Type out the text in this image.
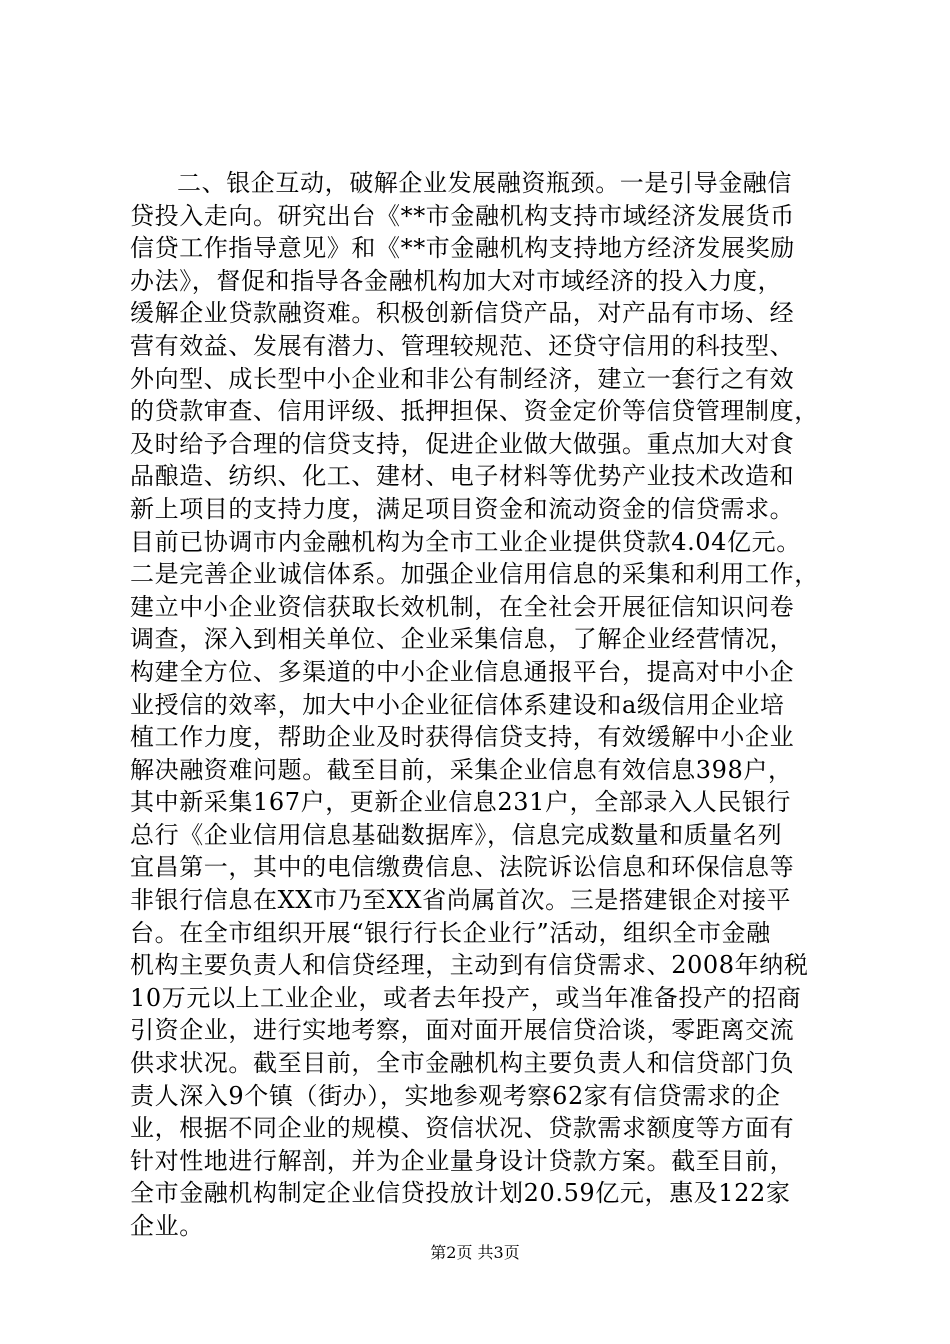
二、银企互动，破解企业发展融资瓶颈。一是引导金融信
贷投入走向。研究出台《**市金融机构支持市域经济发展货币
信贷工作指导意见》和《**市金融机构支持地方经济发展奖励
办法》，督促和指导各金融机构加大对市域经济的投入力度，
缓解企业贷款融资难。积极创新信贷产品，对产品有市场、经
营有效益、发展有潜力、管理较规范、还贷守信用的科技型、
外向型、成长型中小企业和非公有制经济，建立一套行之有效
的贷款审查、信用评级、抵押担保、资金定价等信贷管理制度，
及时给予合理的信贷支持，促进企业做大做强。重点加大对食
品酿造、纺织、化工、建材、电子材料等优势产业技术改造和
新上项目的支持力度，满足项目资金和流动资金的信贷需求。
目前已协调市内金融机构为全市工业企业提供贷款4.04亿元。
二是完善企业诚信体系。加强企业信用信息的采集和利用工作，
建立中小企业资信获取长效机制，在全社会开展征信知识问卷
调查，深入到相关单位、企业采集信息，了解企业经营情况，
构建全方位、多渠道的中小企业信息通报平台，提高对中小企
业授信的效率，加大中小企业征信体系建设和a级信用企业培
植工作力度，帮助企业及时获得信贷支持，有效缓解中小企业
解决融资难问题。截至目前，采集企业信息有效信息398户，
其中新采集167户，更新企业信息231户，全部录入人民银行
总行《企业信用信息基础数据库》，信息完成数量和质量名列
宜昌第一，其中的电信缴费信息、法院诉讼信息和环保信息等
非银行信息在XX市乃至XX省尚属首次。三是搭建银企对接平
台。在全市组织开展“银行行长企业行”活动，组织全市金融
机构主要负责人和信贷经理，主动到有信贷需求、2008年纳税
10万元以上工业企业，或者去年投产，或当年准备投产的招商
引资企业，进行实地考察，面对面开展信贷洽谈，零距离交流
供求状况。截至目前，全市金融机构主要负责人和信贷部门负
责人深入9个镇（街办），实地参观考察62家有信贷需求的企
业，根据不同企业的规模、资信状况、贷款需求额度等方面有
针对性地进行解剖，并为企业量身设计贷款方案。截至目前，
全市金融机构制定企业信贷投放计划20.59亿元，惠及122家
企业。
第2页 共3页
